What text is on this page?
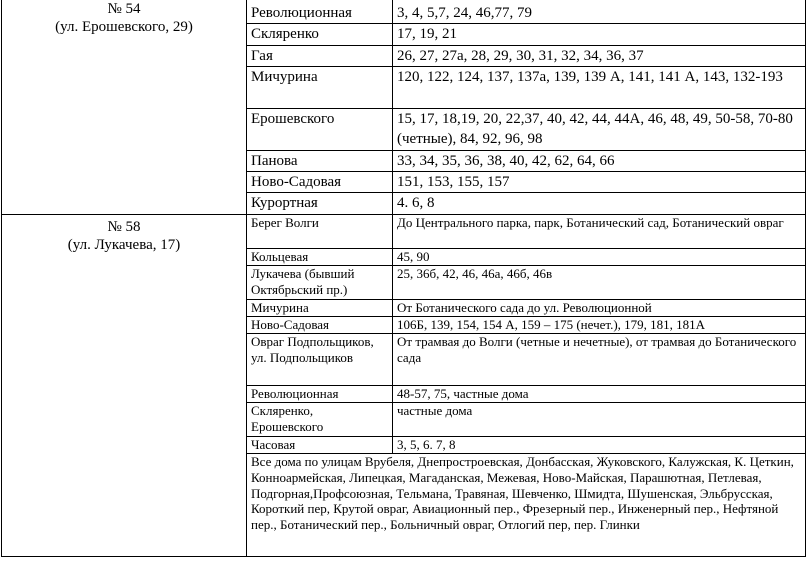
№ 54
(ул. Ерошевского, 29)	Революционная	3, 4, 5,7, 24, 46,77, 79
	Скляренко	17, 19, 21
	Гая	26, 27, 27а, 28, 29, 30, 31, 32, 34, 36, 37
	Мичурина	120, 122, 124, 137, 137а, 139, 139 А, 141, 141 А, 143, 132-193
	Ерошевского	15, 17, 18,19, 20, 22,37, 40, 42, 44, 44А, 46, 48, 49, 50-58, 70-80 (четные), 84, 92, 96, 98
	Панова	33, 34, 35, 36, 38, 40, 42, 62, 64, 66
	Ново-Садовая	151, 153, 155, 157
	Курортная	4. 6, 8

№ 58
(ул. Лукачева, 17)	Берег Волги	До Центрального парка, парк, Ботанический сад, Ботанический овраг
	Кольцевая	45, 90
	Лукачева (бывший Октябрьский пр.)	25, 36б, 42, 46, 46а, 46б, 46в
	Мичурина	От Ботанического сада до ул. Революционной
	Ново-Садовая	106Б, 139, 154, 154 А, 159 – 175 (нечет.), 179, 181, 181А
	Овраг Подпольщиков, ул. Подпольщиков	От трамвая до Волги (четные и нечетные), от трамвая до Ботанического сада
	Революционная	48-57, 75, частные дома
	Скляренко, Ерошевского	частные дома
	Часовая	3, 5, 6. 7, 8
	Все дома по улицам Врубеля, Днепростроевская, Донбасская, Жуковского, Калужская, К. Цеткин, Конноармейская, Липецкая, Магаданская, Межевая, Ново-Майская, Парашютная, Петлевая, Подгорная,Профсоюзная, Тельмана, Травяная, Шевченко, Шмидта, Шушенская, Эльбрусская, Короткий пер, Крутой овраг, Авиационный пер., Фрезерный пер., Инженерный пер., Нефтяной пер., Ботанический пер., Больничный овраг, Отлогий пер, пер. Глинки	
